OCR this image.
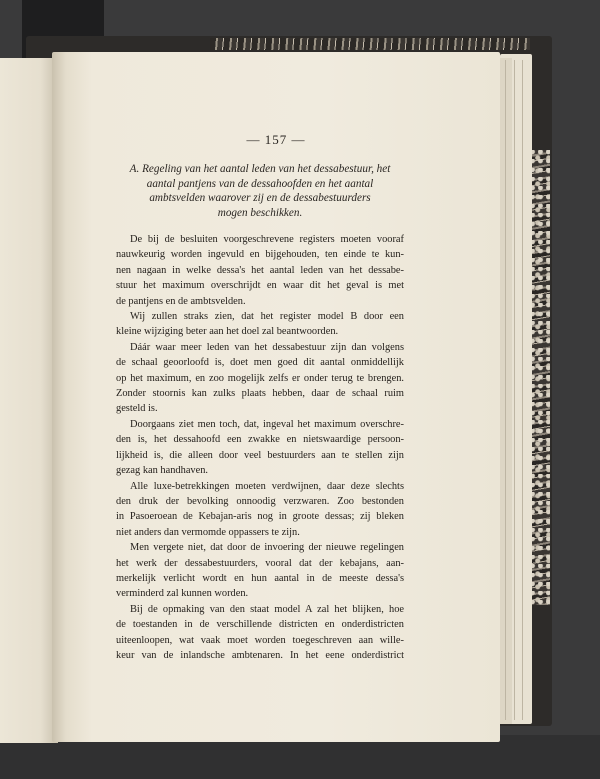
— 157 —
A. Regeling van het aantal leden van het dessabestuur, het
aantal pantjens van de dessahoofden en het aantal
ambtsvelden waarover zij en de dessabestuurders
mogen beschikken.
De bij de besluiten voorgeschrevene registers moeten vooraf
nauwkeurig worden ingevuld en bijgehouden, ten einde te kun-
nen nagaan in welke dessa's het aantal leden van het dessabe-
stuur het maximum overschrijdt en waar dit het geval is met
de pantjens en de ambtsvelden.
Wij zullen straks zien, dat het register model B door een
kleine wijziging beter aan het doel zal beantwoorden.
Dáár waar meer leden van het dessabestuur zijn dan volgens
de schaal geoorloofd is, doet men goed dit aantal onmiddellijk
op het maximum, en zoo mogelijk zelfs er onder terug te brengen.
Zonder stoornis kan zulks plaats hebben, daar de schaal ruim
gesteld is.
Doorgaans ziet men toch, dat, ingeval het maximum overschre-
den is, het dessahoofd een zwakke en nietswaardige persoon-
lijkheid is, die alleen door veel bestuurders aan te stellen zijn
gezag kan handhaven.
Alle luxe-betrekkingen moeten verdwijnen, daar deze slechts
den druk der bevolking onnoodig verzwaren. Zoo bestonden
in Pasoeroean de Kebajan-aris nog in groote dessas; zij bleken
niet anders dan vermomde oppassers te zijn.
Men vergete niet, dat door de invoering der nieuwe regelingen
het werk der dessabestuurders, vooral dat der kebajans, aan-
merkelijk verlicht wordt en hun aantal in de meeste dessa's
verminderd zal kunnen worden.
Bij de opmaking van den staat model A zal het blijken, hoe
de toestanden in de verschillende districten en onderdistricten
uiteenloopen, wat vaak moet worden toegeschreven aan wille-
keur van de inlandsche ambtenaren. In het eene onderdistrict
